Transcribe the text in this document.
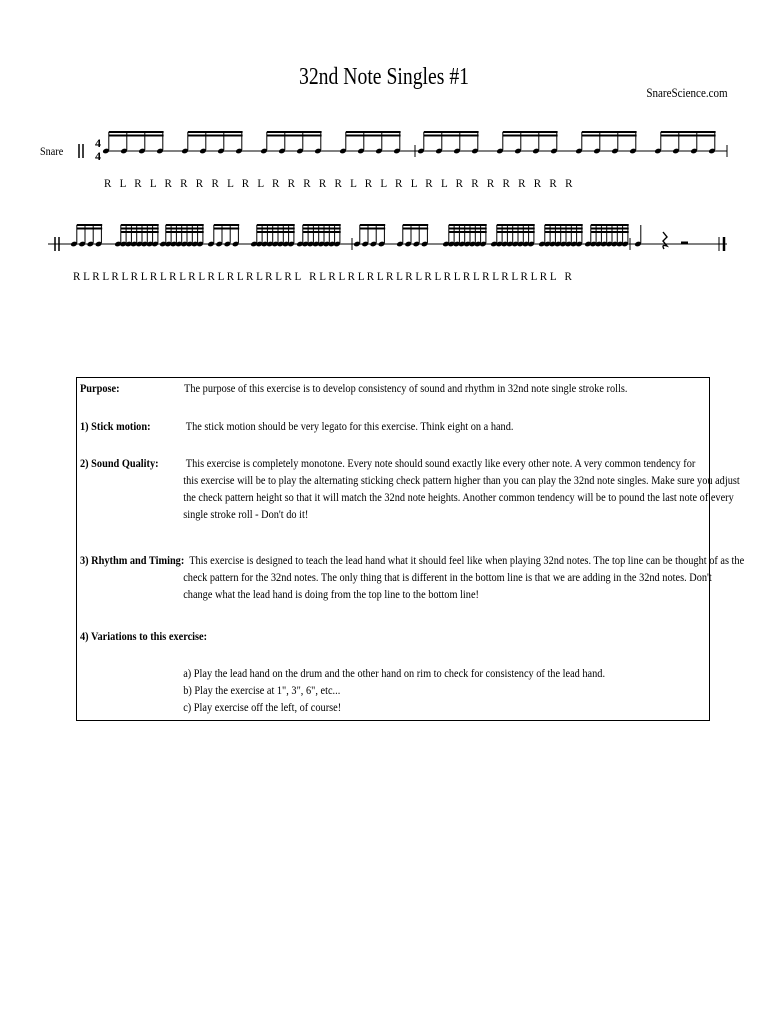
32nd Note Singles #1
SnareScience.com
Snare
4
4
R   L   R   L   R   R   R   R   L   R   L   R   R   R   R   R   L   R   L   R   L   R   L   R   R   R   R   R   R   R   R
R L R L R L R L R L R L R L R L R L R L R L R L   R L R L R L R L R L R L R L R L R L R L R L R L R L   R
Purpose:	The purpose of this exercise is to develop consistency of sound and rhythm in 32nd note single stroke rolls.
1) Stick motion:	The stick motion should be very legato for this exercise. Think eight on a hand.
2) Sound Quality: This exercise is completely monotone. Every note should sound exactly like every other note. A very common tendency for
this exercise will be to play the alternating sticking check pattern higher than you can play the 32nd note singles. Make sure you adjust
the check pattern height so that it will match the 32nd note heights. Another common tendency will be to pound the last note of every
single stroke roll - Don't do it!
3) Rhythm and Timing: This exercise is designed to teach the lead hand what it should feel like when playing 32nd notes. The top line can be thought of as the
check pattern for the 32nd notes. The only thing that is different in the bottom line is that we are adding in the 32nd notes. Don't
change what the lead hand is doing from the top line to the bottom line!
4) Variations to this exercise:
a) Play the lead hand on the drum and the other hand on rim to check for consistency of the lead hand.
b) Play the exercise at 1", 3", 6", etc...
c) Play exercise off the left, of course!
